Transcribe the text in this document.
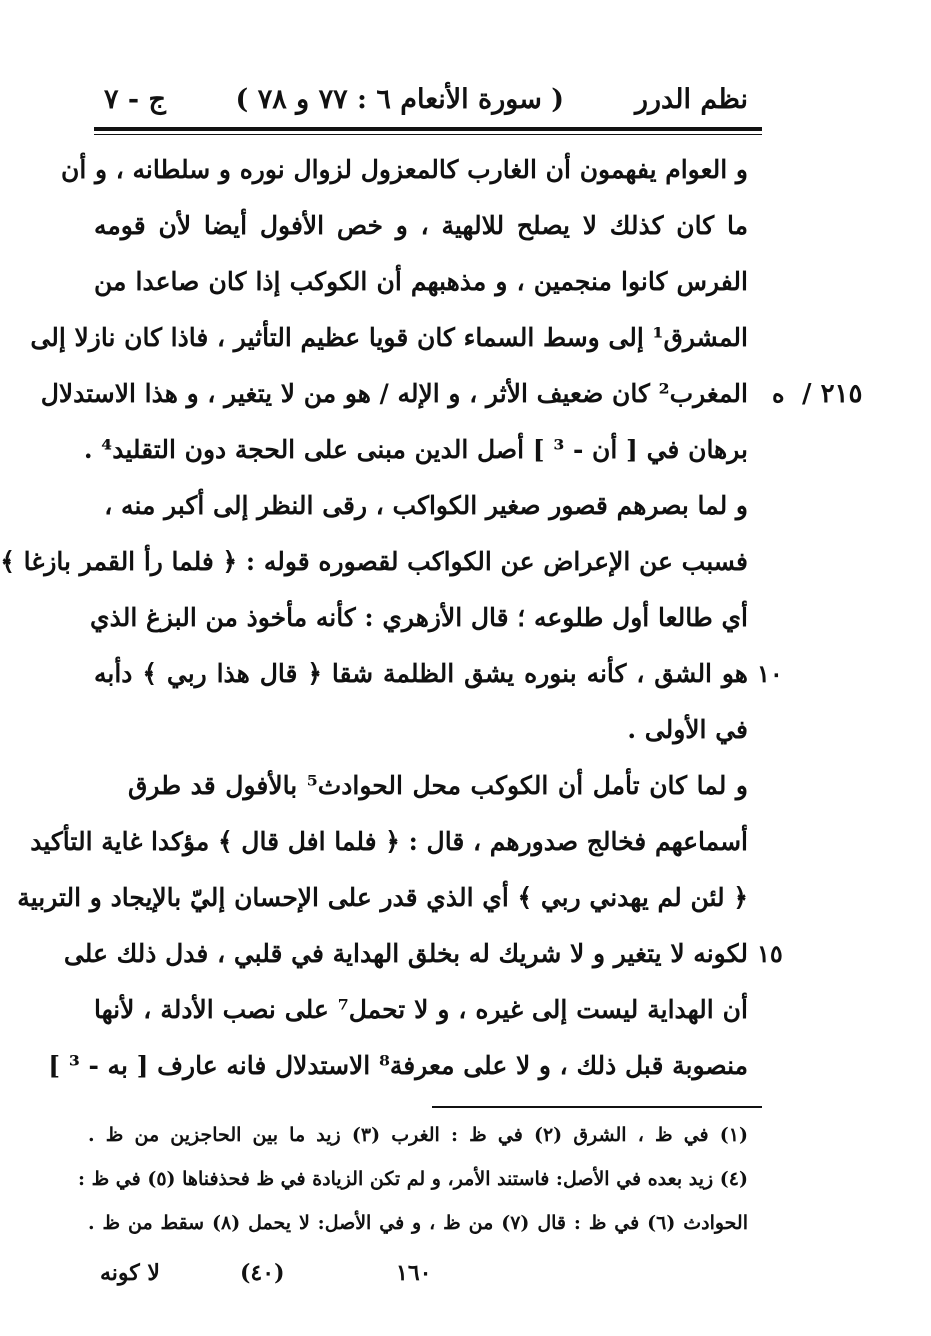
نظم الدرر
( سورة الأنعام ٦ : ٧٧ و ٧٨ )
ج - ٧
و العوام يفهمون أن الغارب كالمعزول لزوال نوره و سلطانه ، و أن
ما كان كذلك لا يصلح للالهية ، و خص الأفول أيضا لأن قومه
الفرس كانوا منجمين ، و مذهبهم أن الكوكب إذا كان صاعدا من
المشرق¹ إلى وسط السماء كان قويا عظيم التأثير ، فاذا كان نازلا إلى
المغرب² كان ضعيف الأثر ، و الإله / هو من لا يتغير ، و هذا الاستدلال
برهان في [ أن - ³ ] أصل الدين مبنى على الحجة دون التقليد⁴ .
و لما بصرهم قصور صغير الكواكب ، رقى النظر إلى أكبر منه ،
فسبب عن الإعراض عن الكواكب لقصوره قوله : ﴿ فلما رأ القمر بازغا ﴾
أي طالعا أول طلوعه ؛ قال الأزهري : كأنه مأخوذ من البزغ الذي
هو الشق ، كأنه بنوره يشق الظلمة شقا ﴿ قال هذا ربي ﴾ دأبه
في الأولى .
و لما كان تأمل أن الكوكب محل الحوادث⁵ بالأفول قد طرق
أسماعهم فخالج صدورهم ، قال : ﴿ فلما افل قال ﴾ مؤكدا غاية التأكيد
﴿ لئن لم يهدني ربي ﴾ أي الذي قدر على الإحسان إليّ بالإيجاد و التربية
لكونه لا يتغير و لا شريك له بخلق الهداية في قلبي ، فدل ذلك على
أن الهداية ليست إلى غيره ، و لا تحمل⁷ على نصب الأدلة ، لأنها
منصوبة قبل ذلك ، و لا على معرفة⁸ الاستدلال فانه عارف [ به - ³ ]
٢١٥ /
ه
١٠
١٥
(١) في ظ ، الشرق (٢) في ظ : الغرب (٣) زيد ما بين الحاجزين من ظ .
(٤) زيد بعده في الأصل: فاستند الأمر، و لم تكن الزيادة في ظ فحذفناها (٥) في ظ :
الحوادث (٦) في ظ : قال (٧) من ظ ، و في الأصل: لا يحمل (٨) سقط من ظ .
لا كونه	(٤٠)	١٦٠
